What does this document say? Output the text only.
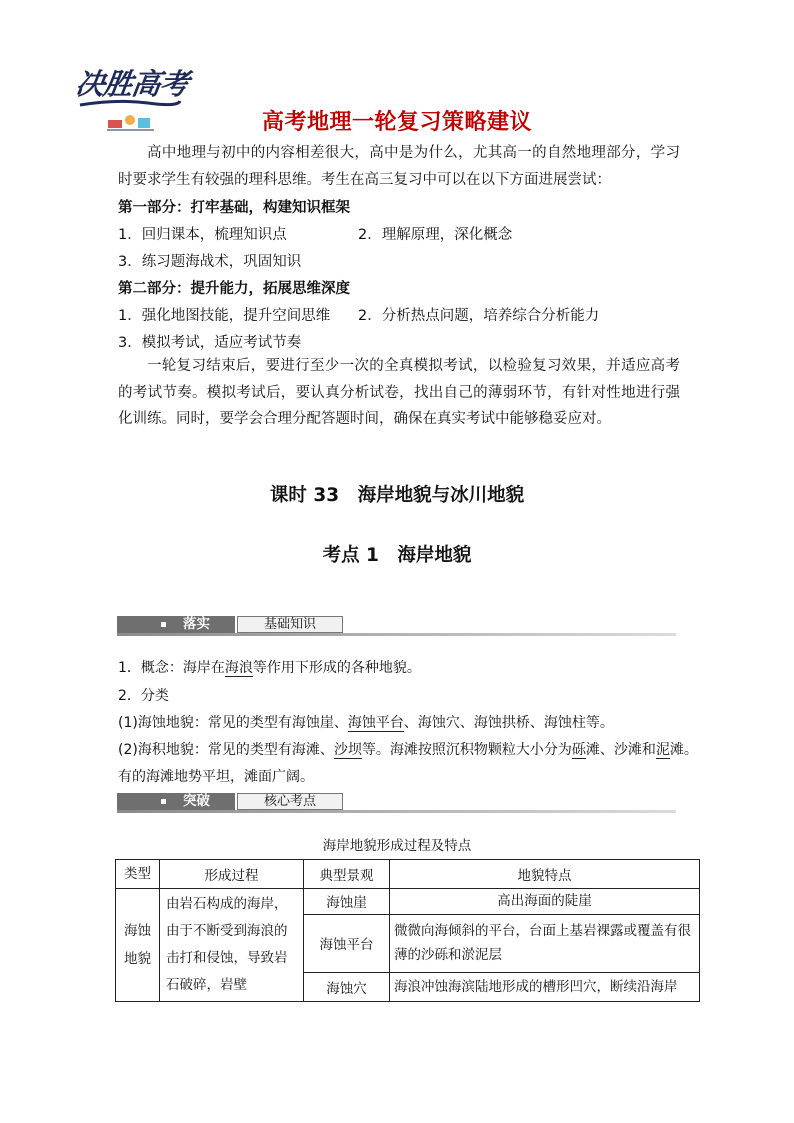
决胜高考
高考地理一轮复习策略建议
高中地理与初中的内容相差很大，高中是为什么，尤其高一的自然地理部分，学习时要求学生有较强的理科思维。考生在高三复习中可以在以下方面进展尝试：
第一部分：打牢基础，构建知识框架
1．回归课本，梳理知识点	2．理解原理，深化概念
3．练习题海战术，巩固知识
第二部分：提升能力，拓展思维深度
1．强化地图技能，提升空间思维 2．分析热点问题，培养综合分析能力
3．模拟考试，适应考试节奏
一轮复习结束后，要进行至少一次的全真模拟考试，以检验复习效果，并适应高考的考试节奏。模拟考试后，要认真分析试卷，找出自己的薄弱环节，有针对性地进行强化训练。同时，要学会合理分配答题时间，确保在真实考试中能够稳妥应对。
课时 33　海岸地貌与冰川地貌
考点 1　海岸地貌
落实	基础知识
1．概念：海岸在海浪等作用下形成的各种地貌。
2．分类
(1)海蚀地貌：常见的类型有海蚀崖、海蚀平台、海蚀穴、海蚀拱桥、海蚀柱等。
(2)海积地貌：常见的类型有海滩、沙坝等。海滩按照沉积物颗粒大小分为砾滩、沙滩和泥滩。
有的海滩地势平坦，滩面广阔。
突破	核心考点
海岸地貌形成过程及特点
类型	形成过程	典型景观	地貌特点

海蚀地貌	由岩石构成的海岸，由于不断受到海浪的击打和侵蚀，导致岩石破碎，岩壁	海蚀崖	高出海面的陡崖
		海蚀平台	微微向海倾斜的平台，台面上基岩裸露或覆盖有很薄的沙砾和淤泥层
		海蚀穴	海浪冲蚀海滨陆地形成的槽形凹穴，断续沿海岸
